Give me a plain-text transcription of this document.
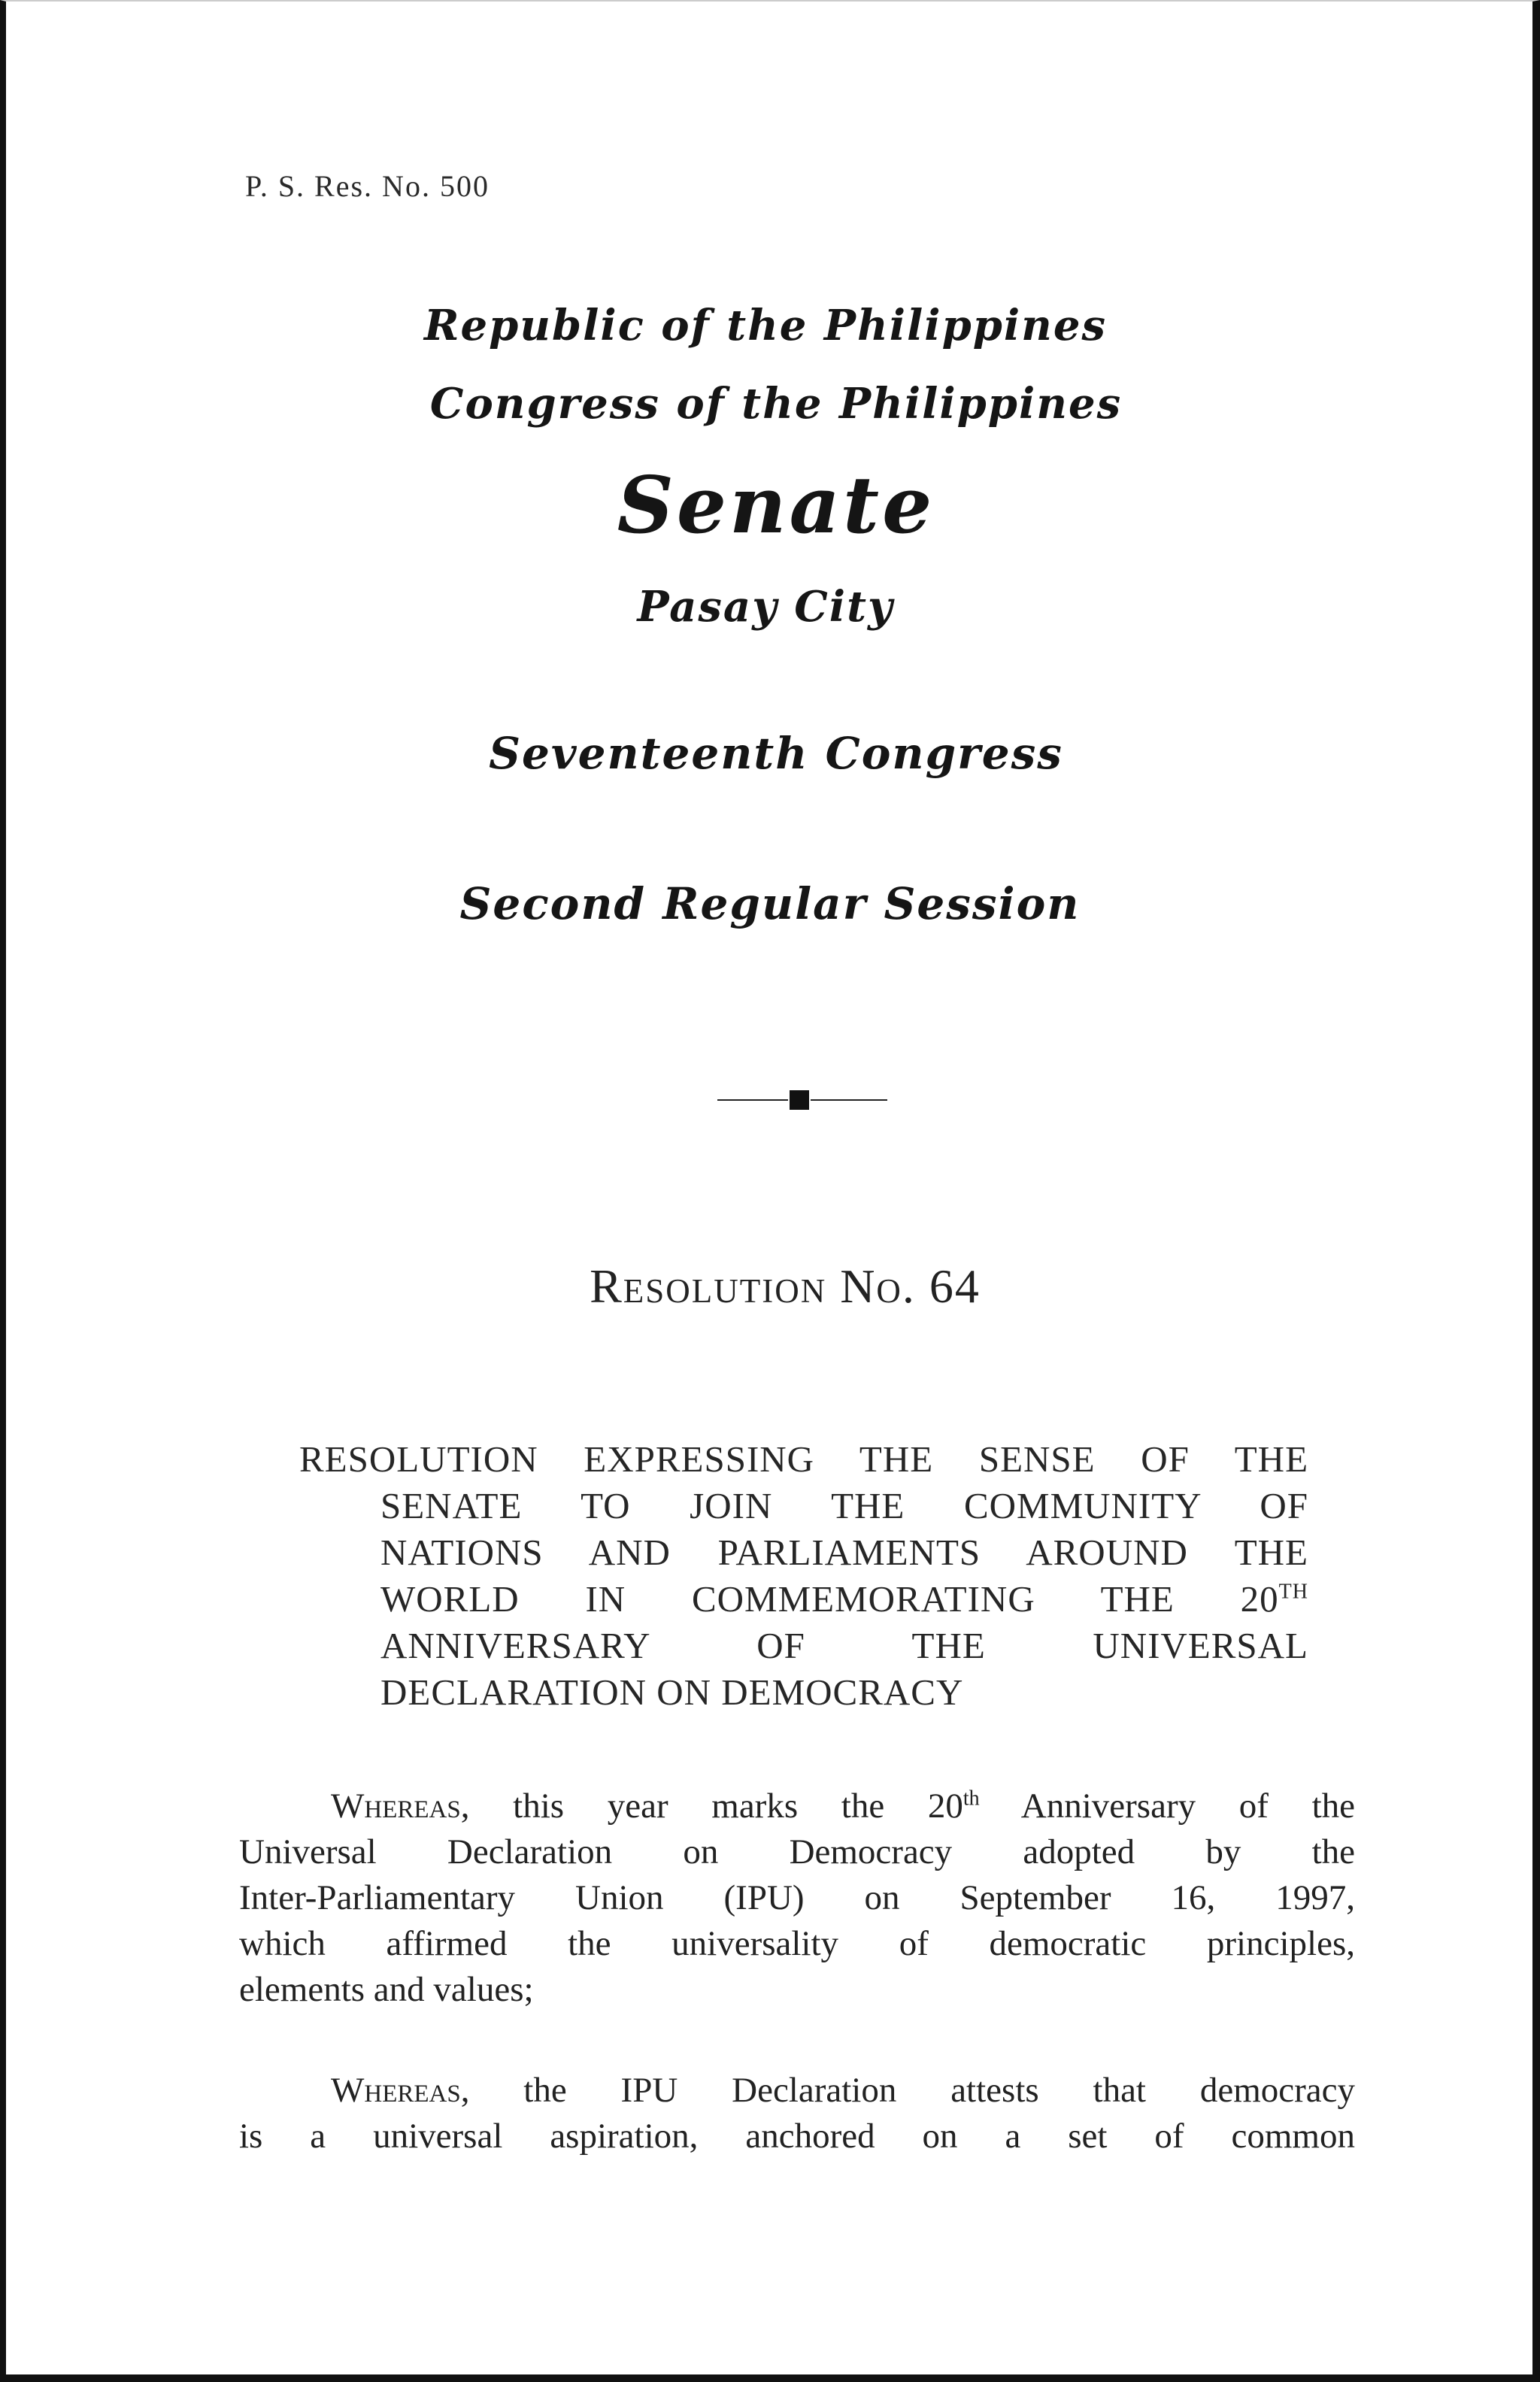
P. S. Res. No. 500
Republic of the Philippines
Congress of the Philippines
Senate
Pasay City
Seventeenth Congress
Second Regular Session
Resolution No. 64
RESOLUTION EXPRESSING THE SENSE OF THE
SENATE TO JOIN THE COMMUNITY OF
NATIONS AND PARLIAMENTS AROUND THE
WORLD IN COMMEMORATING THE 20TH
ANNIVERSARY OF THE UNIVERSAL
DECLARATION ON DEMOCRACY
Whereas, this year marks the 20th Anniversary of the
Universal Declaration on Democracy adopted by the
Inter-Parliamentary Union (IPU) on September 16, 1997,
which affirmed the universality of democratic principles,
elements and values;
Whereas, the IPU Declaration attests that democracy
is a universal aspiration, anchored on a set of common
